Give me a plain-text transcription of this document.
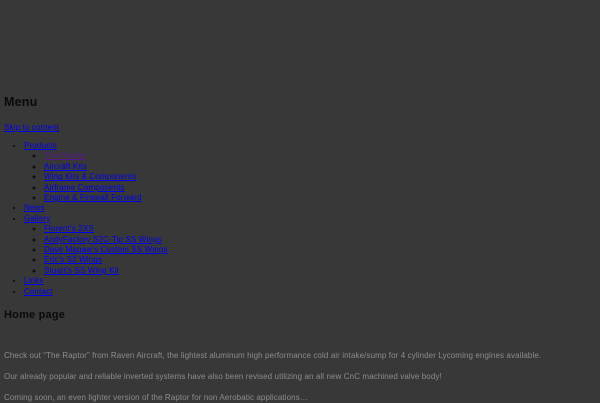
Menu
Skip to content
• Products
◦ The Raptor
◦ Aircraft Kits
◦ Wing Kits & Components
◦ Airframe Components
◦ Engine & Firewall Forward
• News
• Gallery
◦ Florent’s 2XS
◦ AndyFactory S2C-Tip SS Wings
◦ Dave Magaw’s Custom SS Wings
◦ Eric’s S2 Wings
◦ Stuart’s SS Wing Kit
• Links
• Contact
Home page

Check out “The Raptor” from Raven Aircraft, the lightest aluminum high performance cold air intake/sump for 4 cylinder Lycoming engines available.

Our already popular and reliable inverted systems have also been revised utilizing an all new CnC machined valve body!

Coming soon, an even lighter version of the Raptor for non Aerobatic applications…
